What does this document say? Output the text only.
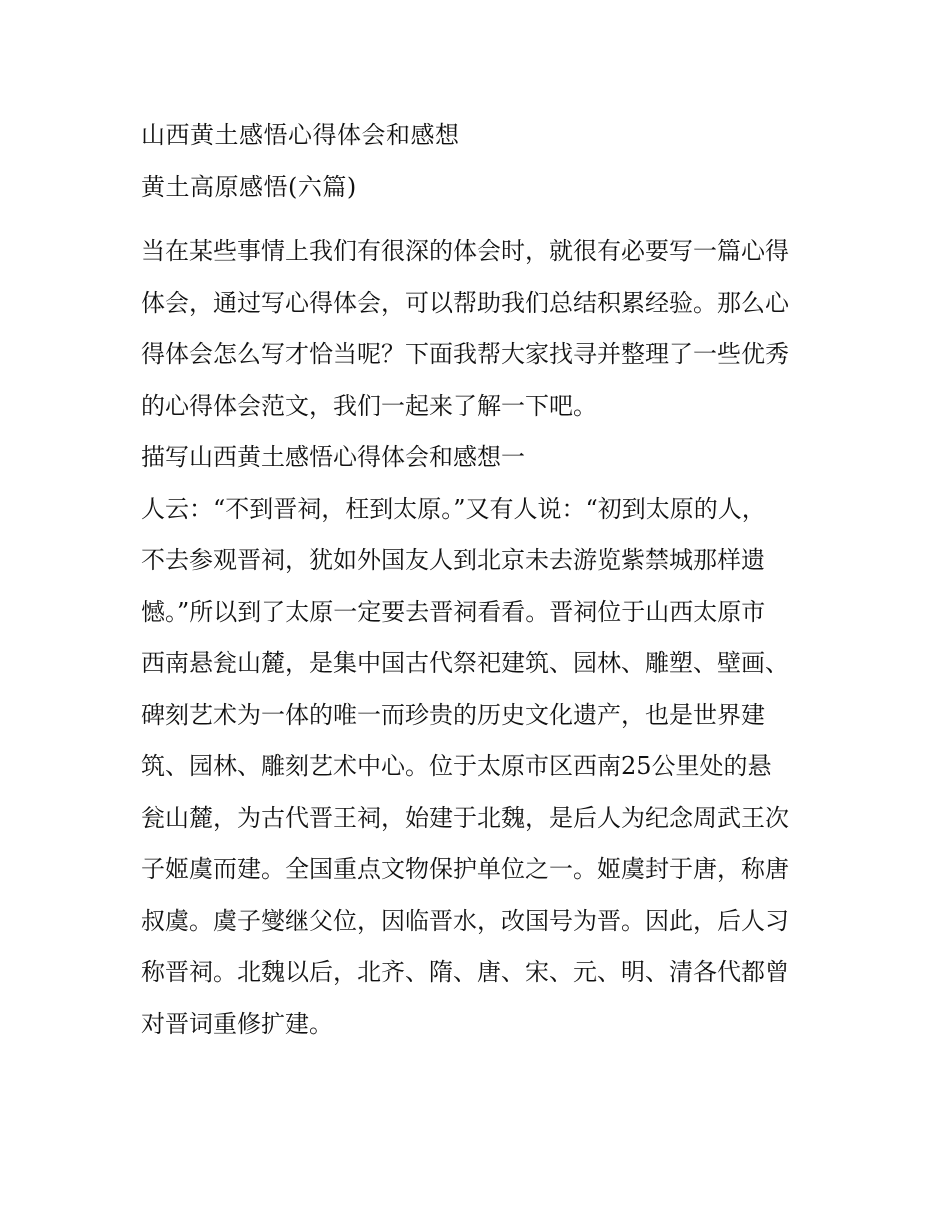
山西黄土感悟心得体会和感想
黄土高原感悟(六篇)
当在某些事情上我们有很深的体会时，就很有必要写一篇心得
体会，通过写心得体会，可以帮助我们总结积累经验。那么心
得体会怎么写才恰当呢？下面我帮大家找寻并整理了一些优秀
的心得体会范文，我们一起来了解一下吧。
描写山西黄土感悟心得体会和感想一
人云：“不到晋祠，枉到太原。”又有人说：“初到太原的人，
不去参观晋祠，犹如外国友人到北京未去游览紫禁城那样遗
憾。”所以到了太原一定要去晋祠看看。晋祠位于山西太原市
西南悬瓮山麓，是集中国古代祭祀建筑、园林、雕塑、壁画、
碑刻艺术为一体的唯一而珍贵的历史文化遗产，也是世界建
筑、园林、雕刻艺术中心。位于太原市区西南25公里处的悬
瓮山麓，为古代晋王祠，始建于北魏，是后人为纪念周武王次
子姬虞而建。全国重点文物保护单位之一。姬虞封于唐，称唐
叔虞。虞子燮继父位，因临晋水，改国号为晋。因此，后人习
称晋祠。北魏以后，北齐、隋、唐、宋、元、明、清各代都曾
对晋词重修扩建。
